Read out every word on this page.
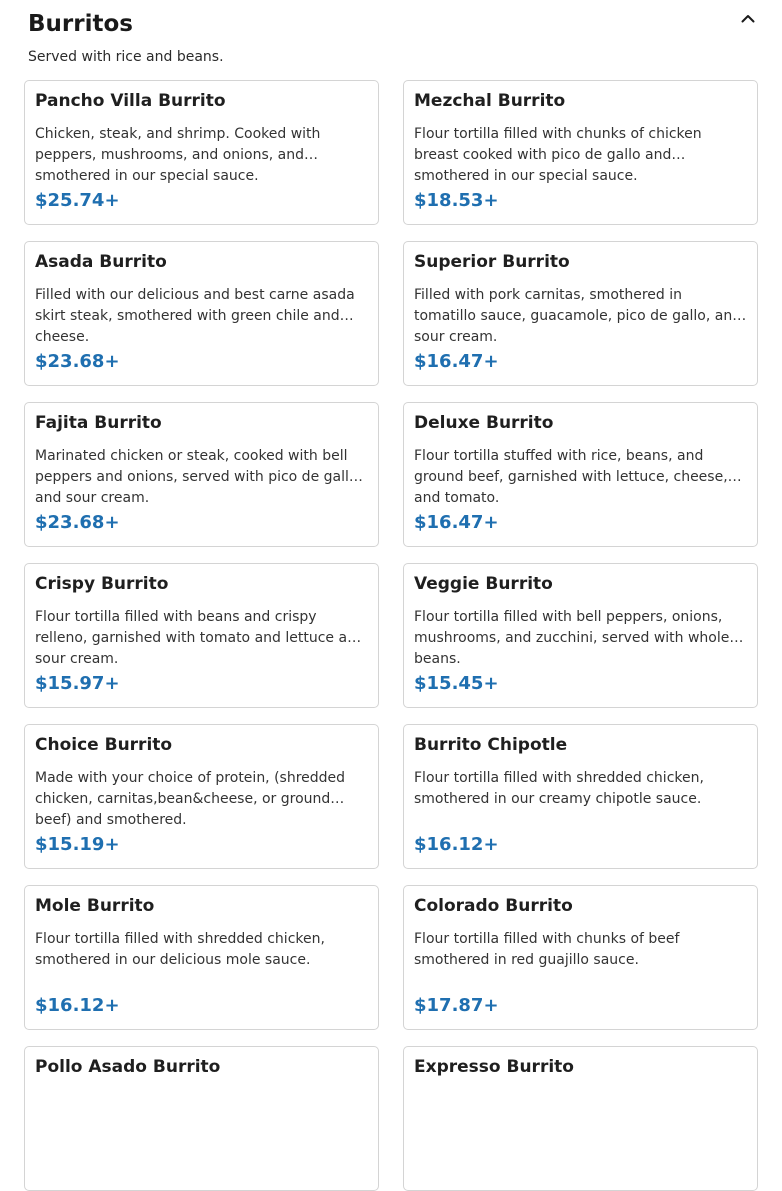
Burritos

Served with rice and beans.

Pancho Villa Burrito
Chicken, steak, and shrimp. Cooked with peppers, mushrooms, and onions, and smothered in our special sauce.
$25.74+
Mezchal Burrito
Flour tortilla filled with chunks of chicken breast cooked with pico de gallo and smothered in our special sauce.
$18.53+
Asada Burrito
Filled with our delicious and best carne asada skirt steak, smothered with green chile and cheese.
$23.68+
Superior Burrito
Filled with pork carnitas, smothered in tomatillo sauce, guacamole, pico de gallo, and sour cream.
$16.47+
Fajita Burrito
Marinated chicken or steak, cooked with bell peppers and onions, served with pico de gallo and sour cream.
$23.68+
Deluxe Burrito
Flour tortilla stuffed with rice, beans, and ground beef, garnished with lettuce, cheese, and tomato.
$16.47+
Crispy Burrito
Flour tortilla filled with beans and crispy relleno, garnished with tomato and lettuce and sour cream.
$15.97+
Veggie Burrito
Flour tortilla filled with bell peppers, onions, mushrooms, and zucchini, served with whole beans.
$15.45+
Choice Burrito
Made with your choice of protein, (shredded chicken, carnitas,bean&cheese, or ground beef) and smothered.
$15.19+
Burrito Chipotle
Flour tortilla filled with shredded chicken, smothered in our creamy chipotle sauce.
$16.12+
Mole Burrito
Flour tortilla filled with shredded chicken, smothered in our delicious mole sauce.
$16.12+
Colorado Burrito
Flour tortilla filled with chunks of beef smothered in red guajillo sauce.
$17.87+
Pollo Asado Burrito	Expresso Burrito
